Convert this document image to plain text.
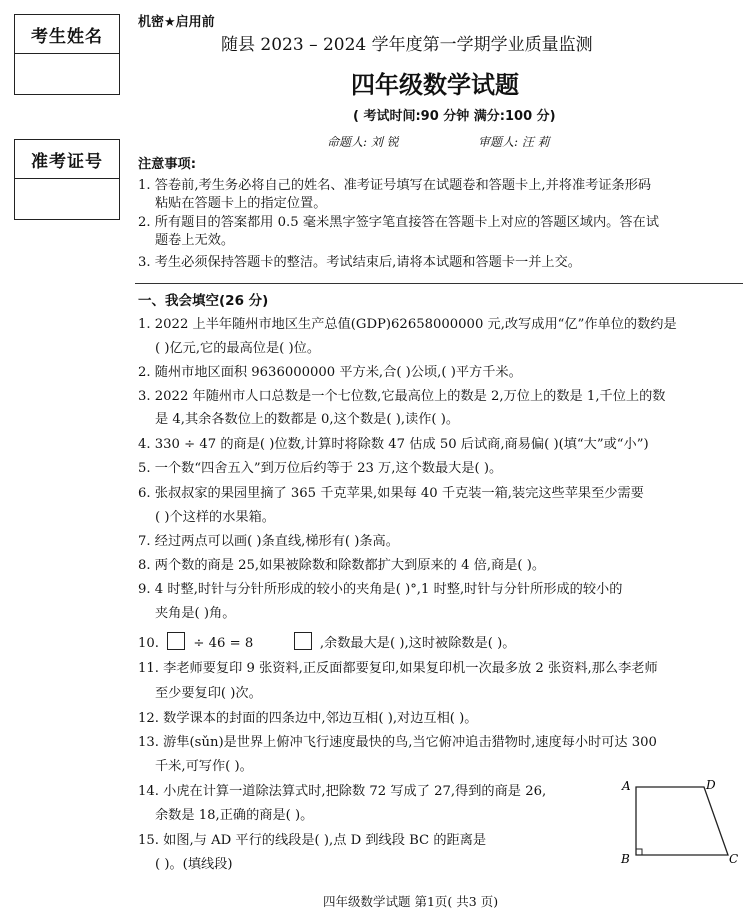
考生姓名
准考证号
机密★启用前
随县 2023 – 2024 学年度第一学期学业质量监测
四年级数学试题
( 考试时间:90 分钟 满分:100 分)
命题人: 刘 锐	审题人: 汪 莉
注意事项:
1. 答卷前,考生务必将自己的姓名、准考证号填写在试题卷和答题卡上,并将准考证条形码
粘贴在答题卡上的指定位置。
2. 所有题目的答案都用 0.5 毫米黑字签字笔直接答在答题卡上对应的答题区域内。答在试
题卷上无效。
3. 考生必须保持答题卡的整洁。考试结束后,请将本试题和答题卡一并上交。
一、我会填空(26 分)
1. 2022 上半年随州市地区生产总值(GDP)62658000000 元,改写成用“亿”作单位的数约是
( )亿元,它的最高位是( )位。
2. 随州市地区面积 9636000000 平方米,合( )公顷,( )平方千米。
3. 2022 年随州市人口总数是一个七位数,它最高位上的数是 2,万位上的数是 1,千位上的数
是 4,其余各数位上的数都是 0,这个数是( ),读作( )。
4. 330 ÷ 47 的商是( )位数,计算时将除数 47 估成 50 后试商,商易偏( )(填“大”或“小”)
5. 一个数“四舍五入”到万位后约等于 23 万,这个数最大是( )。
6. 张叔叔家的果园里摘了 365 千克苹果,如果每 40 千克装一箱,装完这些苹果至少需要
( )个这样的水果箱。
7. 经过两点可以画( )条直线,梯形有( )条高。
8. 两个数的商是 25,如果被除数和除数都扩大到原来的 4 倍,商是( )。
9. 4 时整,时针与分针所形成的较小的夹角是( )°,1 时整,时针与分针所形成的较小的
夹角是( )角。
10.	÷ 46 = 8	,余数最大是( ),这时被除数是( )。
11. 李老师要复印 9 张资料,正反面都要复印,如果复印机一次最多放 2 张资料,那么李老师
至少要复印( )次。
12. 数学课本的封面的四条边中,邻边互相( ),对边互相( )。
13. 游隼(sǔn)是世界上俯冲飞行速度最快的鸟,当它俯冲追击猎物时,速度每小时可达 300
千米,可写作( )。
14. 小虎在计算一道除法算式时,把除数 72 写成了 27,得到的商是 26,
余数是 18,正确的商是( )。
15. 如图,与 AD 平行的线段是( ),点 D 到线段 BC 的距离是
( )。(填线段)
A	D
B	C
四年级数学试题 第1页( 共3 页)
